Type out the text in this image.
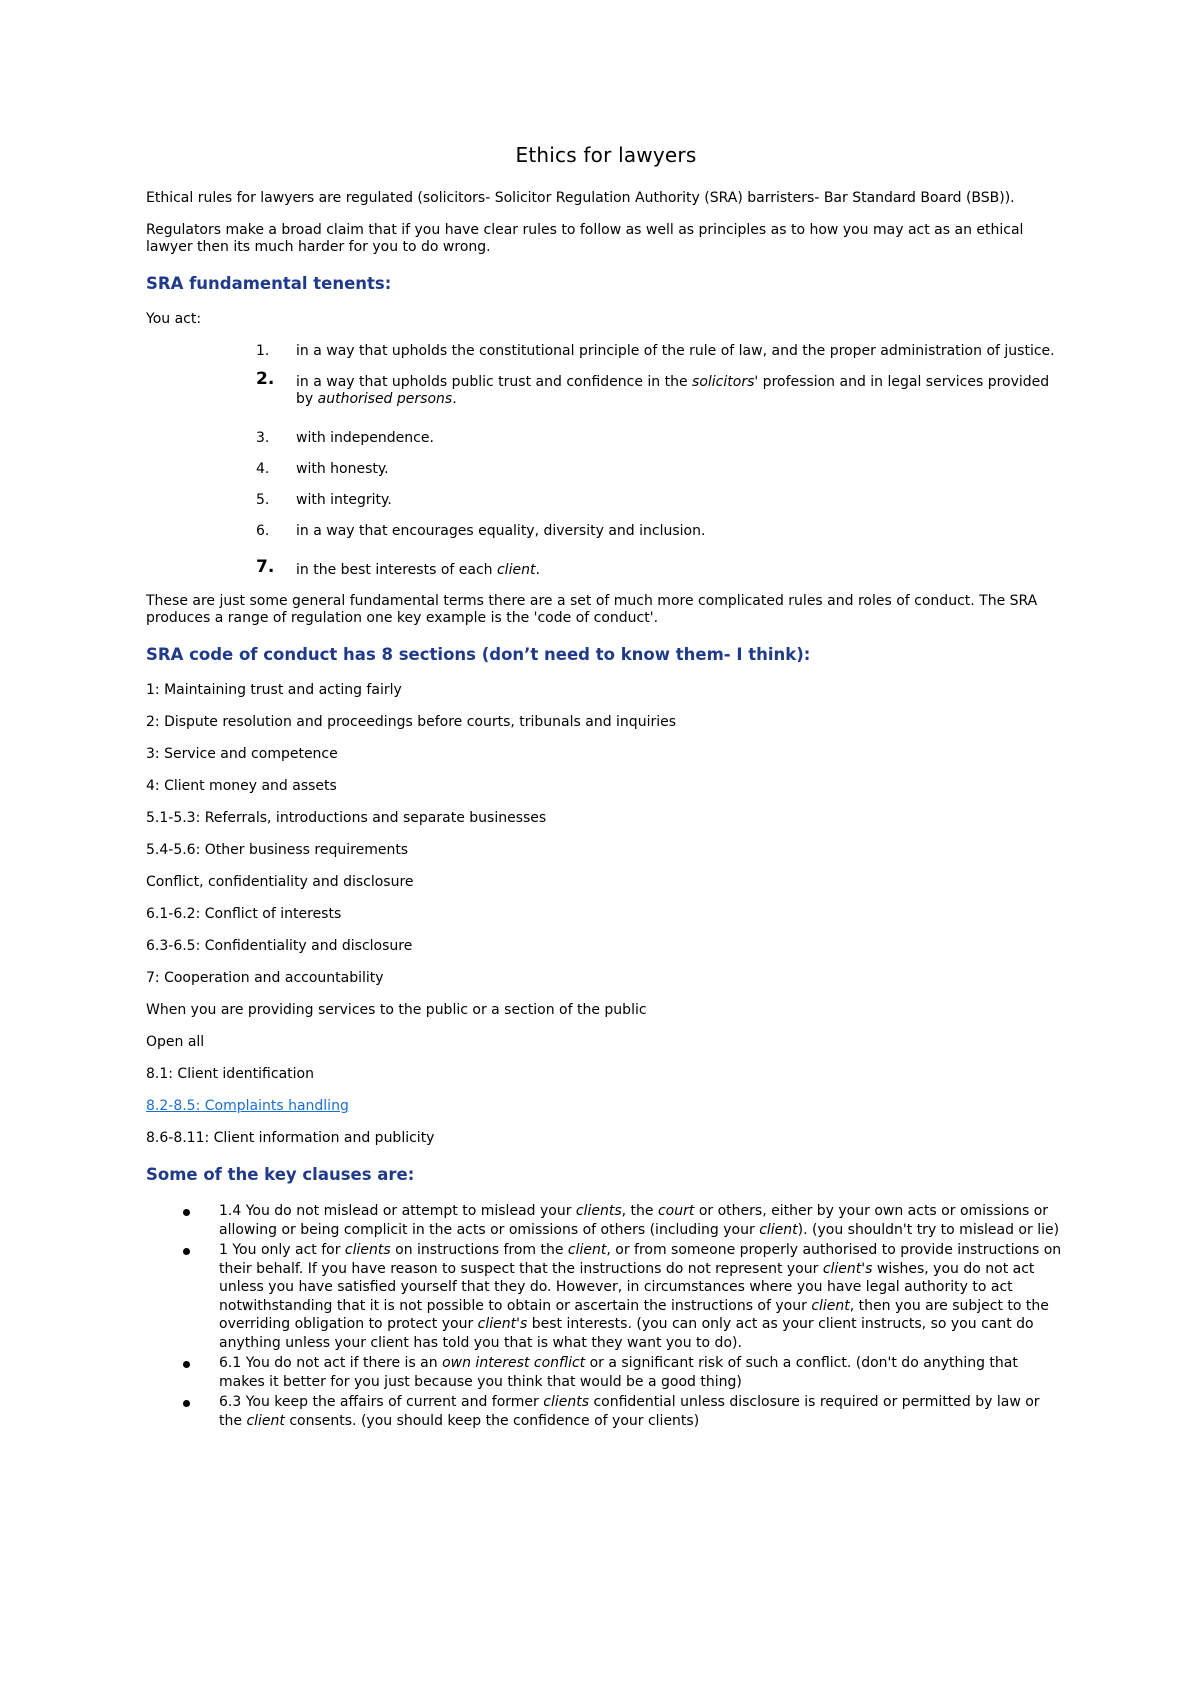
Ethics for lawyers

Ethical rules for lawyers are regulated (solicitors- Solicitor Regulation Authority (SRA) barristers- Bar Standard Board (BSB)).

Regulators make a broad claim that if you have clear rules to follow as well as principles as to how you may act as an ethical lawyer then its much harder for you to do wrong.

SRA fundamental tenents:

You act:

1.	in a way that upholds the constitutional principle of the rule of law, and the proper administration of justice.
2.	in a way that upholds public trust and confidence in the solicitors' profession and in legal services provided by authorised persons.
3.	with independence.
4.	with honesty.
5.	with integrity.
6.	in a way that encourages equality, diversity and inclusion.
7.	in the best interests of each client.

These are just some general fundamental terms there are a set of much more complicated rules and roles of conduct. The SRA produces a range of regulation one key example is the 'code of conduct'.

SRA code of conduct has 8 sections (don’t need to know them- I think):

1: Maintaining trust and acting fairly

2: Dispute resolution and proceedings before courts, tribunals and inquiries

3: Service and competence

4: Client money and assets

5.1-5.3: Referrals, introductions and separate businesses

5.4-5.6: Other business requirements

Conflict, confidentiality and disclosure

6.1-6.2: Conflict of interests

6.3-6.5: Confidentiality and disclosure

7: Cooperation and accountability

When you are providing services to the public or a section of the public

Open all

8.1: Client identification

8.2-8.5: Complaints handling

8.6-8.11: Client information and publicity

Some of the key clauses are:
1.4 You do not mislead or attempt to mislead your clients, the court or others, either by your own acts or omissions or allowing or being complicit in the acts or omissions of others (including your client). (you shouldn't try to mislead or lie)
1 You only act for clients on instructions from the client, or from someone properly authorised to provide instructions on their behalf. If you have reason to suspect that the instructions do not represent your client's wishes, you do not act unless you have satisfied yourself that they do. However, in circumstances where you have legal authority to act notwithstanding that it is not possible to obtain or ascertain the instructions of your client, then you are subject to the overriding obligation to protect your client's best interests. (you can only act as your client instructs, so you cant do anything unless your client has told you that is what they want you to do).
6.1 You do not act if there is an own interest conflict or a significant risk of such a conflict. (don't do anything that makes it better for you just because you think that would be a good thing)
6.3 You keep the affairs of current and former clients confidential unless disclosure is required or permitted by law or the client consents. (you should keep the confidence of your clients)
